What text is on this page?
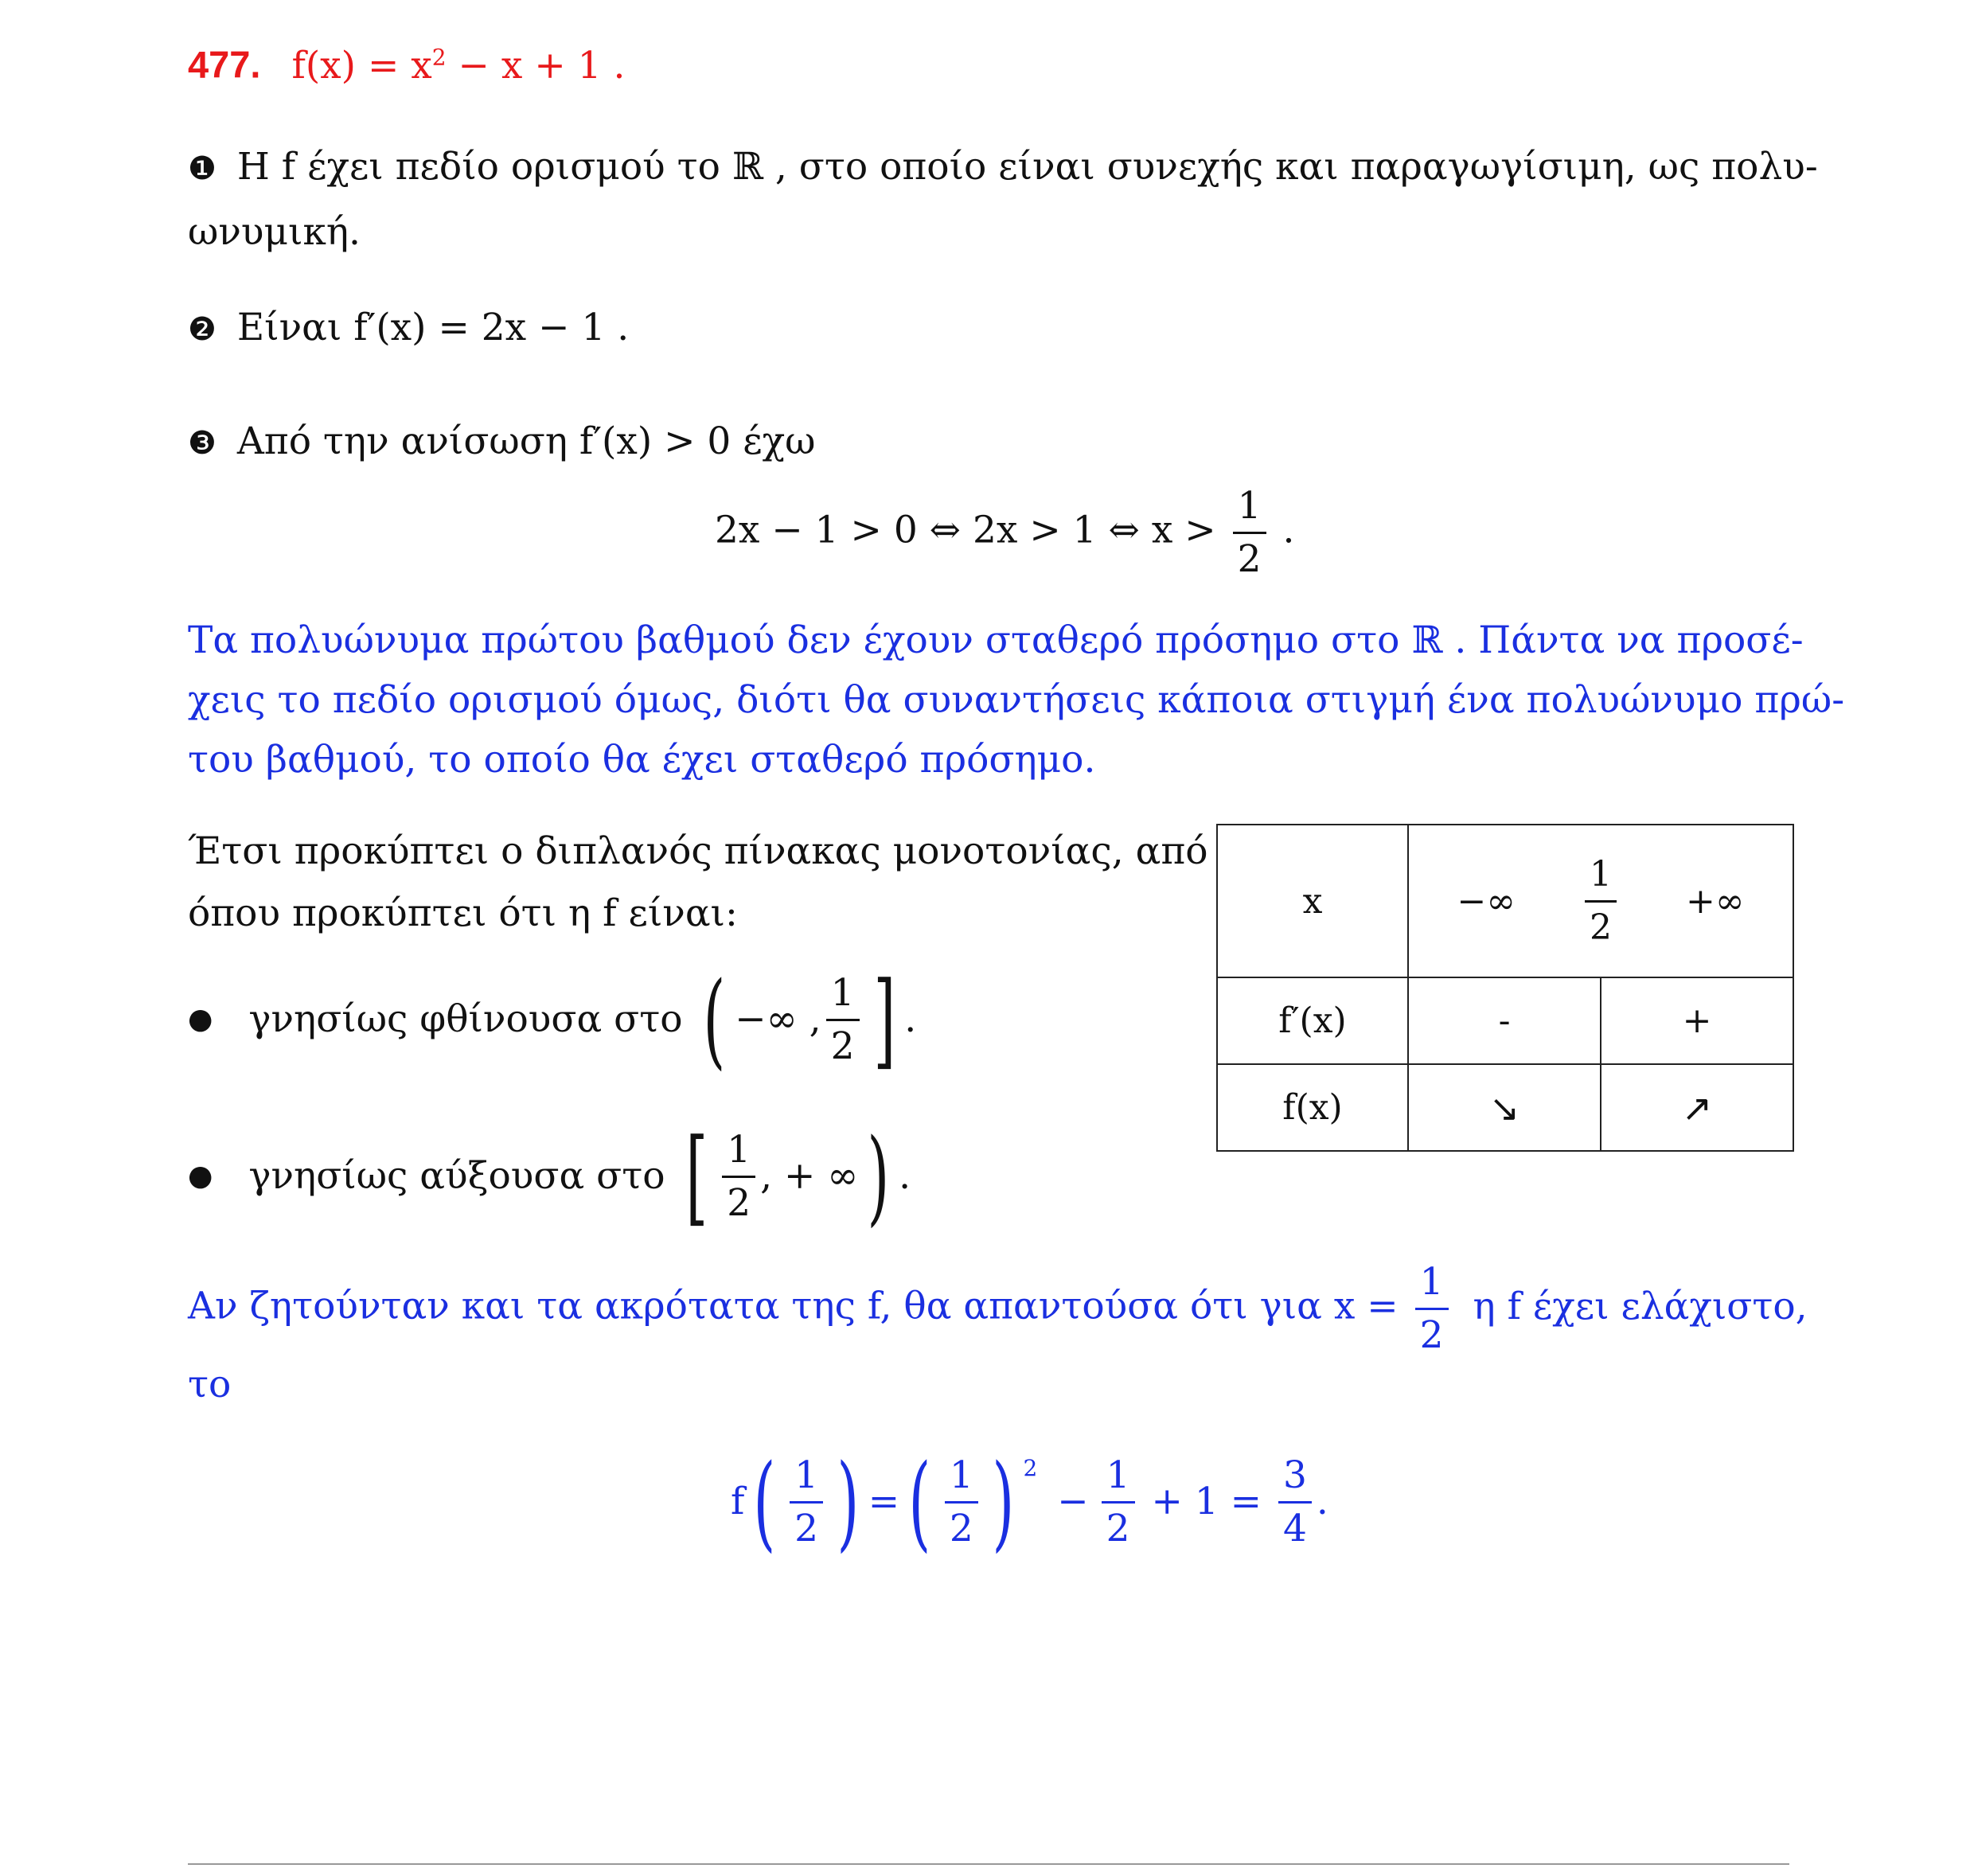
477. $f(x) = x^2 - x + 1$ .
❶ Η f έχει πεδίο ορισμού το ℝ , στο οποίο είναι συνεχής και παραγωγίσιμη, ως πολυ-
ωνυμική.
❷ Είναι f′(x) = 2x − 1 .
❸ Από την ανίσωση f′(x) > 0 έχω
2x − 1 > 0 ⇔ 2x > 1 ⇔ $x > \frac{1}{2}$ .
Τα πολυώνυμα πρώτου βαθμού δεν έχουν σταθερό πρόσημο στο ℝ . Πάντα να προσέ-
χεις το πεδίο ορισμού όμως, διότι θα συναντήσεις κάποια στιγμή ένα πολυώνυμο πρώ-
του βαθμού, το οποίο θα έχει σταθερό πρόσημο.
Έτσι προκύπτει ο διπλανός πίνακας μονοτονίας, από
όπου προκύπτει ότι η f είναι:
● γνησίως φθίνουσα στο ( −∞ , $\frac{1}{2}$ ] .
● γνησίως αύξουσα στο [ $\frac{1}{2}$ , + ∞) .
x	−∞ $\frac{1}{2}$ +∞	

f′(x)	-	+
f(x)	↘	↗
Αν ζητούνταν και τα ακρότατα της f, θα απαντούσα ότι για $x = \frac{1}{2}$ η f έχει ελάχιστο,
το
$f( \frac{1}{2}$ ) =( $\frac{1}{2}$ ) $^2 - \frac{1}{2} + 1 = \frac{3}{4}$ .
